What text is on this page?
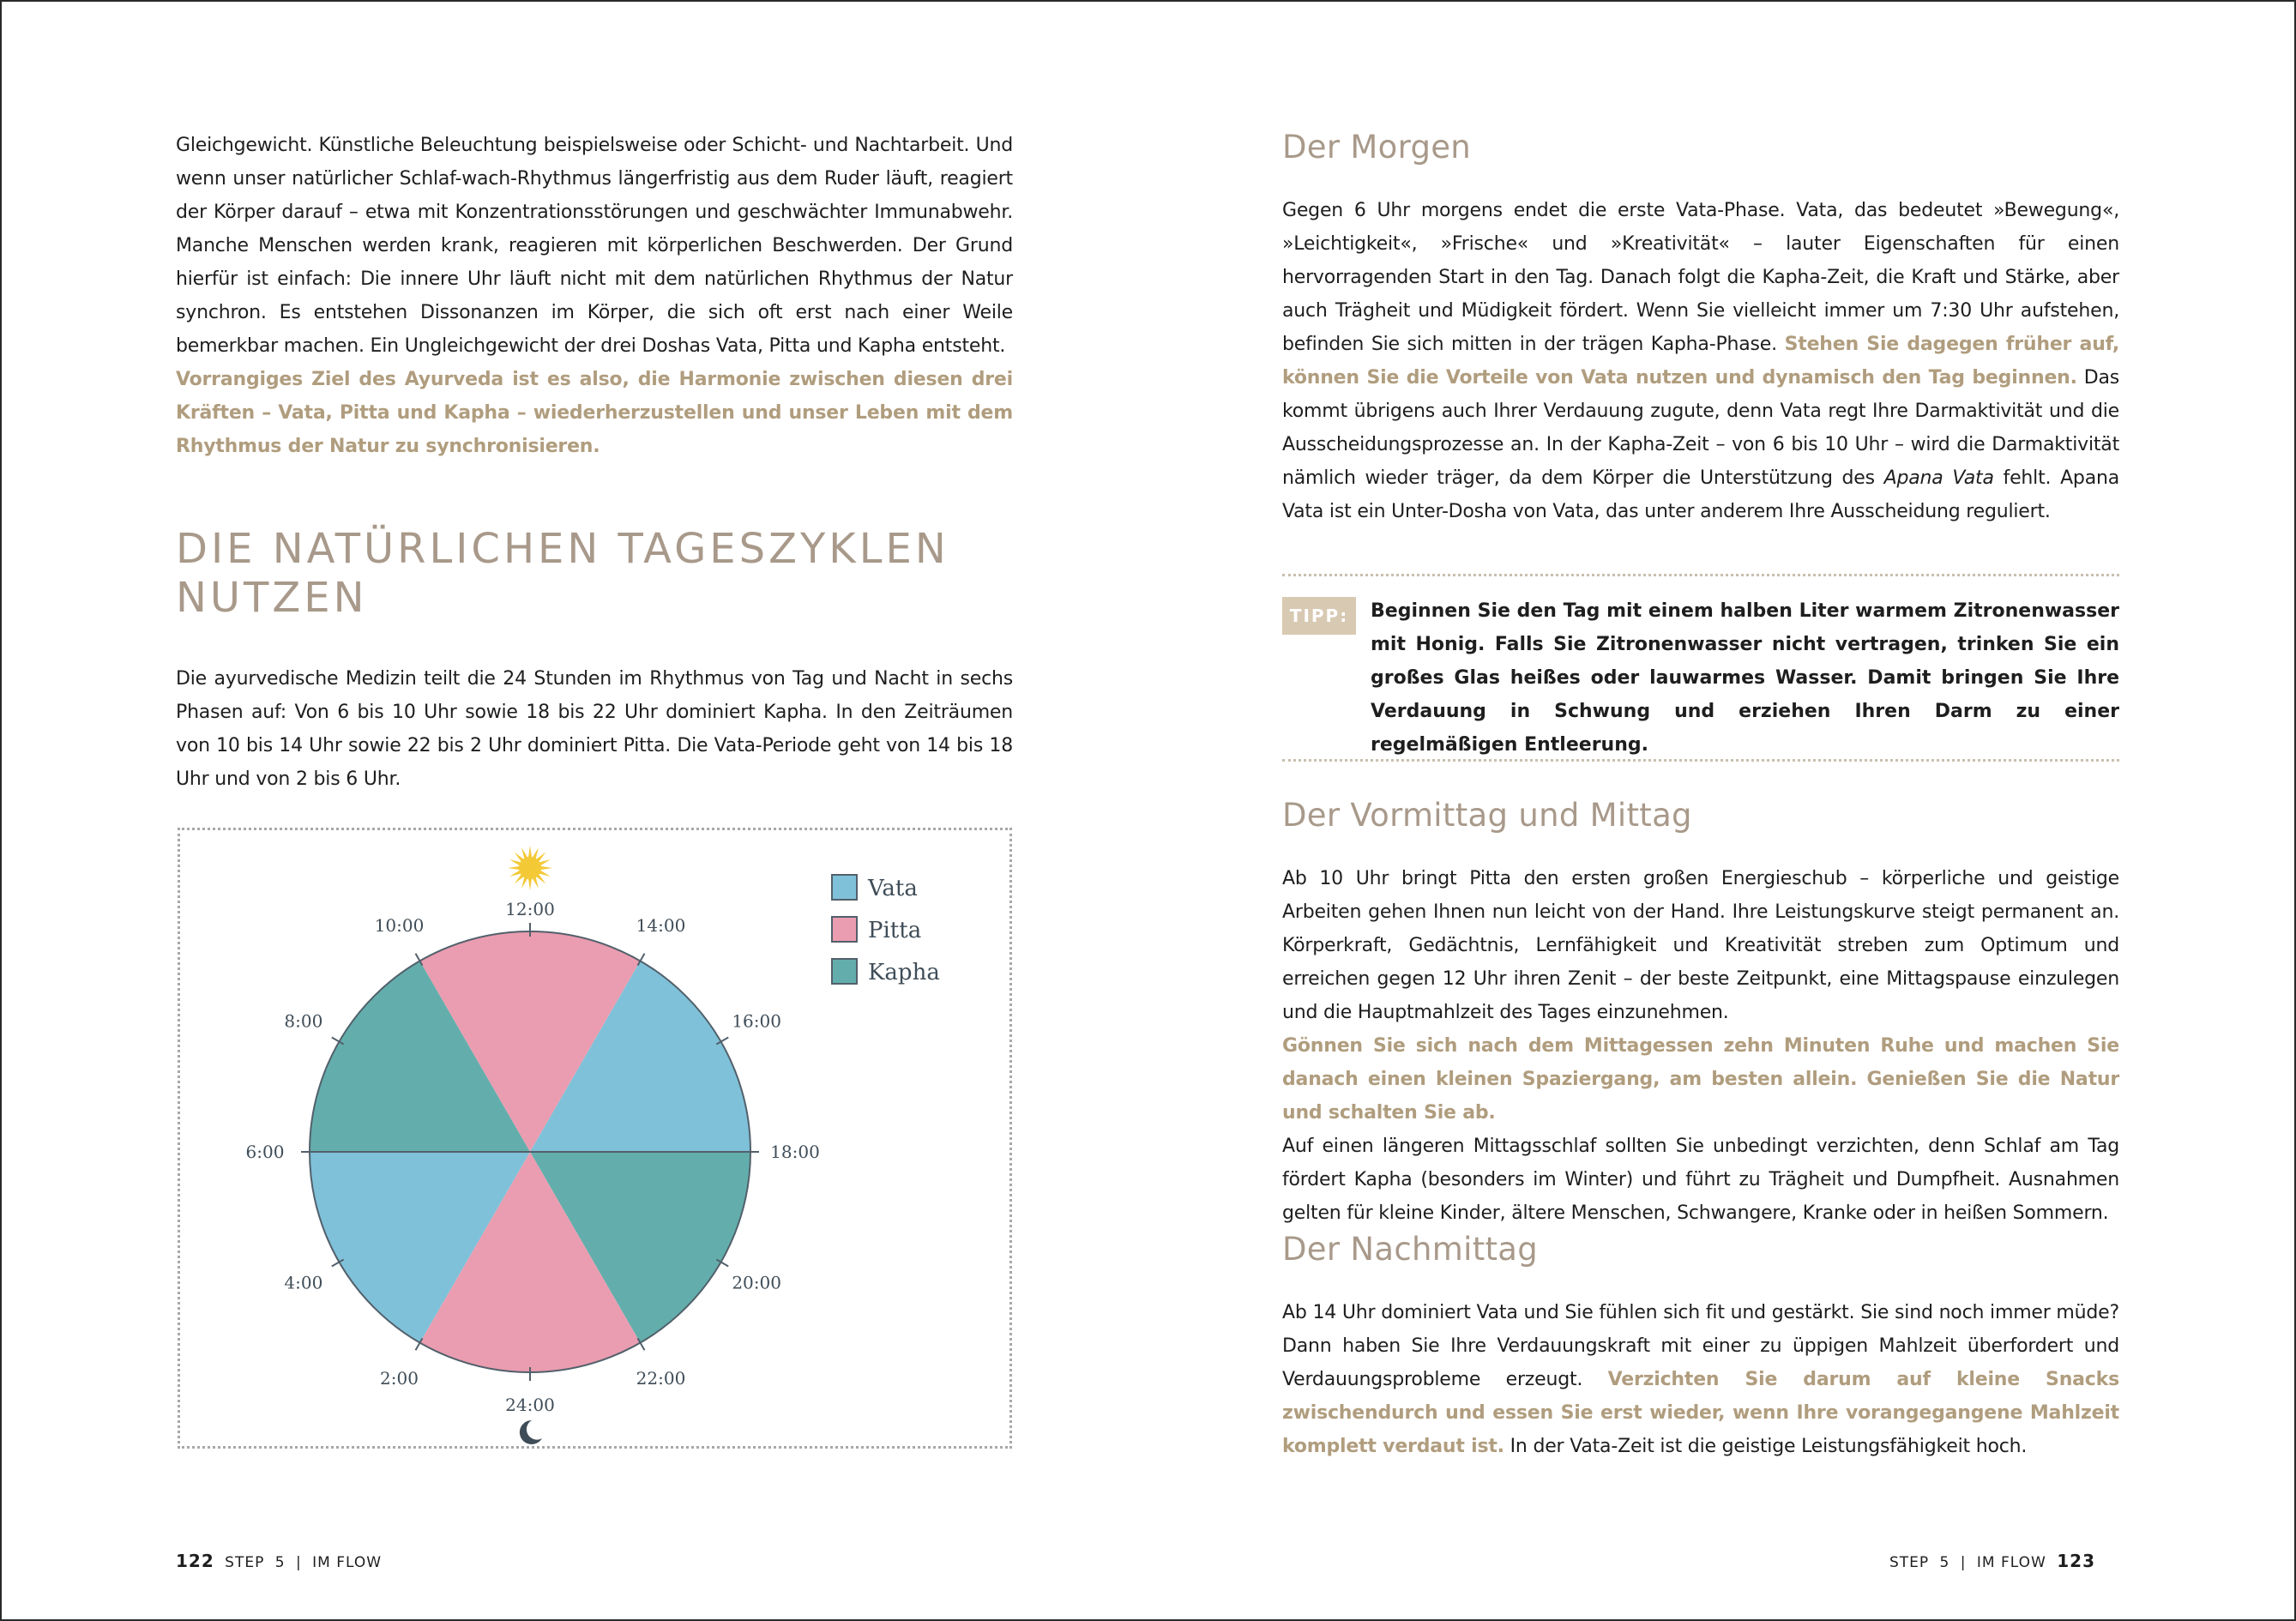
Gleichgewicht. Künstliche Beleuchtung beispielsweise oder Schicht- und Nachtarbeit. Und wenn unser natürlicher Schlaf-wach-Rhythmus längerfristig aus dem Ruder läuft, reagiert der Körper darauf – etwa mit Konzentrationsstörungen und geschwächter Immunabwehr. Manche Menschen werden krank, reagieren mit körperlichen Beschwerden. Der Grund hierfür ist einfach: Die innere Uhr läuft nicht mit dem natürlichen Rhythmus der Natur synchron. Es entstehen Dissonanzen im Körper, die sich oft erst nach einer Weile bemerkbar machen. Ein Ungleichgewicht der drei Doshas Vata, Pitta und Kapha entsteht.
Vorrangiges Ziel des Ayurveda ist es also, die Harmonie zwischen diesen drei Kräften – Vata, Pitta und Kapha – wiederherzustellen und unser Leben mit dem Rhythmus der Natur zu synchronisieren.

DIE NATÜRLICHEN TAGESZYKLEN
NUTZEN

Die ayurvedische Medizin teilt die 24 Stunden im Rhythmus von Tag und Nacht in sechs Phasen auf: Von 6 bis 10 Uhr sowie 18 bis 22 Uhr dominiert Kapha. In den Zeiträumen von 10 bis 14 Uhr sowie 22 bis 2 Uhr dominiert Pitta. Die Vata-Periode geht von 14 bis 18 Uhr und von 2 bis 6 Uhr.

12:00
14:00
16:00
18:00
20:00
22:00
24:00
2:00
4:00
6:00
8:00
10:00
Vata
Pitta
Kapha
122 STEP 5 | IM FLOW
Der Morgen

Gegen 6 Uhr morgens endet die erste Vata-Phase. Vata, das bedeutet »Bewegung«, »Leichtigkeit«, »Frische« und »Kreativität« – lauter Eigenschaften für einen hervorragenden Start in den Tag. Danach folgt die Kapha-Zeit, die Kraft und Stärke, aber auch Trägheit und Müdigkeit fördert. Wenn Sie vielleicht immer um 7:30 Uhr aufstehen, befinden Sie sich mitten in der trägen Kapha-Phase. Stehen Sie dagegen früher auf, können Sie die Vorteile von Vata nutzen und dynamisch den Tag beginnen. Das kommt übrigens auch Ihrer Verdauung zugute, denn Vata regt Ihre Darmaktivität und die Ausscheidungsprozesse an. In der Kapha-Zeit – von 6 bis 10 Uhr – wird die Darmaktivität nämlich wieder träger, da dem Körper die Unterstützung des Apana Vata fehlt. Apana Vata ist ein Unter-Dosha von Vata, das unter anderem Ihre Ausscheidung reguliert.

TIPP:	Beginnen Sie den Tag mit einem halben Liter warmem Zitronenwasser mit Honig. Falls Sie Zitronenwasser nicht vertragen, trinken Sie ein großes Glas heißes oder lauwarmes Wasser. Damit bringen Sie Ihre Verdauung in Schwung und erziehen Ihren Darm zu einer regelmäßigen Entleerung.

Der Vormittag und Mittag

Ab 10 Uhr bringt Pitta den ersten großen Energieschub – körperliche und geistige Arbeiten gehen Ihnen nun leicht von der Hand. Ihre Leistungskurve steigt permanent an. Körperkraft, Gedächtnis, Lernfähigkeit und Kreativität streben zum Optimum und erreichen gegen 12 Uhr ihren Zenit – der beste Zeitpunkt, eine Mittagspause einzulegen und die Hauptmahlzeit des Tages einzunehmen.
Gönnen Sie sich nach dem Mittagessen zehn Minuten Ruhe und machen Sie danach einen kleinen Spaziergang, am besten allein. Genießen Sie die Natur und schalten Sie ab.
Auf einen längeren Mittagsschlaf sollten Sie unbedingt verzichten, denn Schlaf am Tag fördert Kapha (besonders im Winter) und führt zu Trägheit und Dumpfheit. Ausnahmen gelten für kleine Kinder, ältere Menschen, Schwangere, Kranke oder in heißen Sommern.

Der Nachmittag

Ab 14 Uhr dominiert Vata und Sie fühlen sich fit und gestärkt. Sie sind noch immer müde? Dann haben Sie Ihre Verdauungskraft mit einer zu üppigen Mahlzeit überfordert und Verdauungsprobleme erzeugt. Verzichten Sie darum auf kleine Snacks zwischendurch und essen Sie erst wieder, wenn Ihre vorangegangene Mahlzeit komplett verdaut ist. In der Vata-Zeit ist die geistige Leistungsfähigkeit hoch.

STEP 5 | IM FLOW 123
